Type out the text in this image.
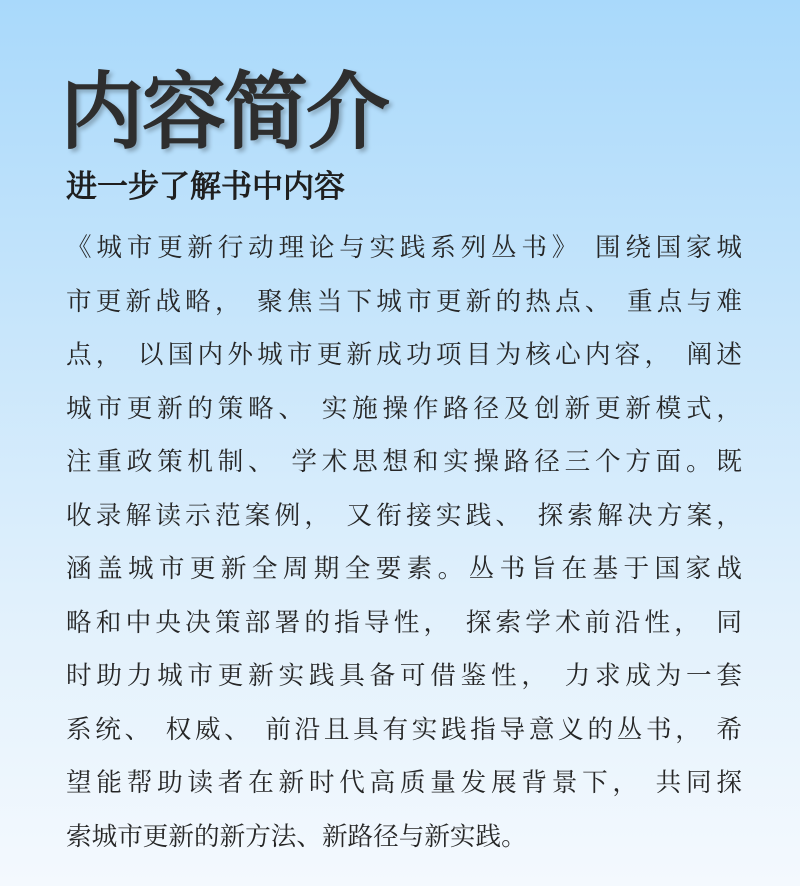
内容简介
进一步了解书中内容
《城市更新行动理论与实践系列丛书》 围绕国家城
市更新战略， 聚焦当下城市更新的热点、 重点与难
点， 以国内外城市更新成功项目为核心内容， 阐述
城市更新的策略、 实施操作路径及创新更新模式，
注重政策机制、 学术思想和实操路径三个方面。既
收录解读示范案例， 又衔接实践、 探索解决方案，
涵盖城市更新全周期全要素。丛书旨在基于国家战
略和中央决策部署的指导性， 探索学术前沿性， 同
时助力城市更新实践具备可借鉴性， 力求成为一套
系统、 权威、 前沿且具有实践指导意义的丛书， 希
望能帮助读者在新时代高质量发展背景下， 共同探
索城市更新的新方法、新路径与新实践。
